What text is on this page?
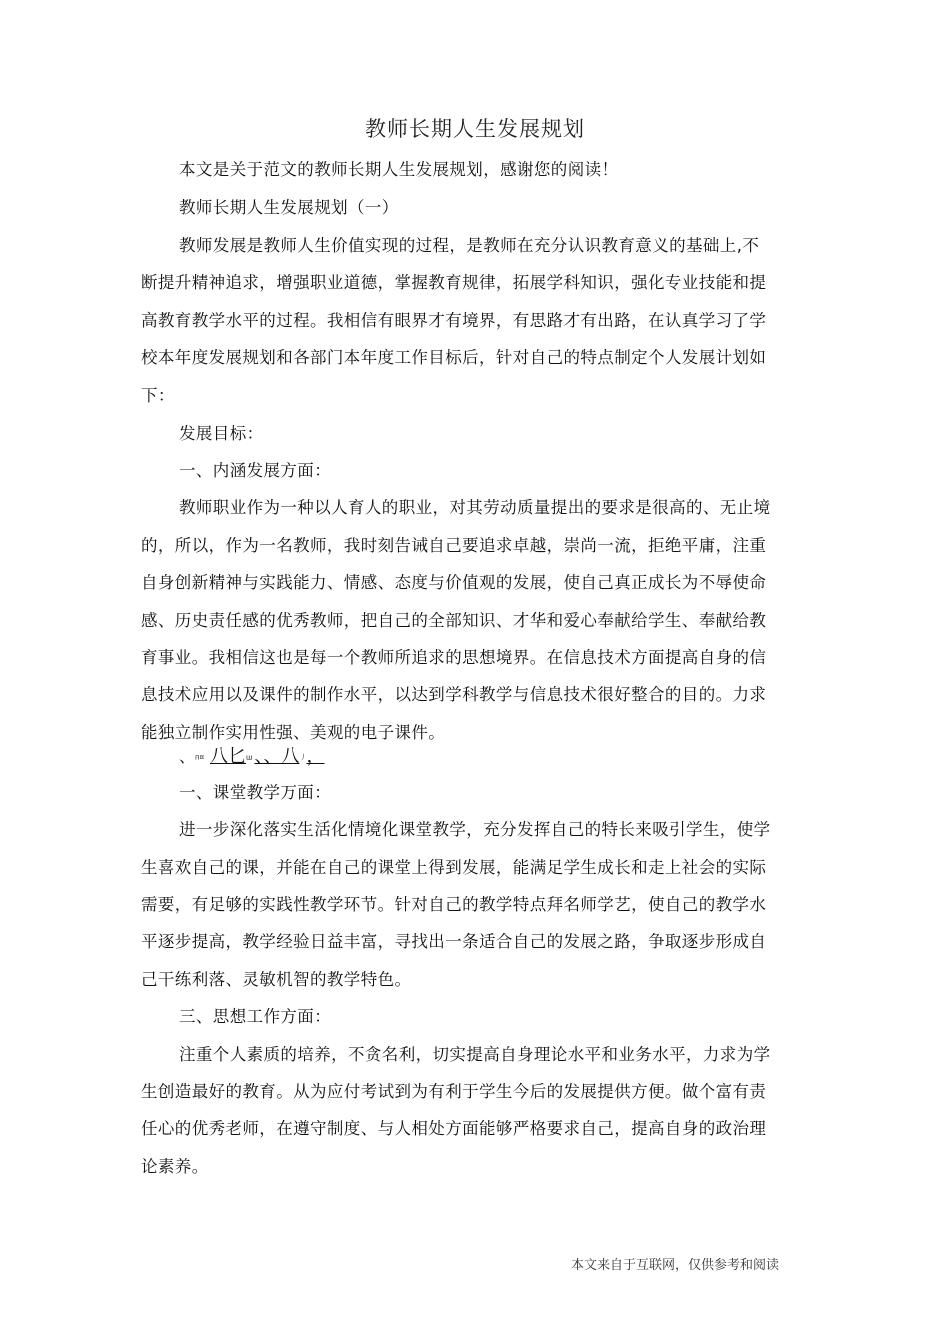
教师长期人生发展规划
本文是关于范文的教师长期人生发展规划，感谢您的阅读！
教师长期人生发展规划（一）
教师发展是教师人生价值实现的过程，是教师在充分认识教育意义的基础上,不
断提升精神追求，增强职业道德，掌握教育规律，拓展学科知识，强化专业技能和提
高教育教学水平的过程。我相信有眼界才有境界，有思路才有出路，在认真学习了学
校本年度发展规划和各部门本年度工作目标后，针对自己的特点制定个人发展计划如
下：
发展目标：
一、内涵发展方面：
教师职业作为一种以人育人的职业，对其劳动质量提出的要求是很高的、无止境
的，所以，作为一名教师，我时刻告诫自己要追求卓越，崇尚一流，拒绝平庸，注重
自身创新精神与实践能力、情感、态度与价值观的发展，使自己真正成长为不辱使命
感、历史责任感的优秀教师，把自己的全部知识、才华和爱心奉献给学生、奉献给教
育事业。我相信这也是每一个教师所追求的思想境界。在信息技术方面提高自身的信
息技术应用以及课件的制作水平，以达到学科教学与信息技术很好整合的目的。力求
能独立制作实用性强、美观的电子课件。
、п¤ 八匕ш 、、八丿，
一、课堂教学万面：
进一步深化落实生活化情境化课堂教学，充分发挥自己的特长来吸引学生，使学
生喜欢自己的课，并能在自己的课堂上得到发展，能满足学生成长和走上社会的实际
需要，有足够的实践性教学环节。针对自己的教学特点拜名师学艺，使自己的教学水
平逐步提高，教学经验日益丰富，寻找出一条适合自己的发展之路，争取逐步形成自
己干练利落、灵敏机智的教学特色。
三、思想工作方面：
注重个人素质的培养，不贪名利，切实提高自身理论水平和业务水平，力求为学
生创造最好的教育。从为应付考试到为有利于学生今后的发展提供方便。做个富有责
任心的优秀老师，在遵守制度、与人相处方面能够严格要求自己，提高自身的政治理
论素养。
本文来自于互联网，仅供参考和阅读
